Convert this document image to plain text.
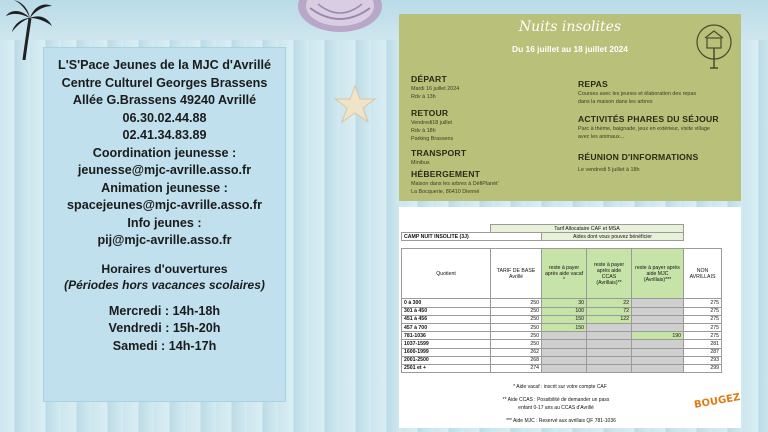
L'S'Pace Jeunes de la MJC d'Avrillé
Centre Culturel Georges Brassens
Allée G.Brassens 49240 Avrillé
06.30.02.44.88
02.41.34.83.89
Coordination jeunesse :
jeunesse@mjc-avrille.asso.fr
Animation jeunesse :
spacejeunes@mjc-avrille.asso.fr
Info jeunes :
pij@mjc-avrille.asso.fr
Horaires d'ouvertures
(Périodes hors vacances scolaires)
Mercredi : 14h-18h
Vendredi : 15h-20h
Samedi : 14h-17h
Nuits insolites
Du 16 juillet au 18 juillet 2024
DÉPART
Mardi 16 juillet 2024
Rdv à 13h
RETOUR
Vendredi18 juillet
Rdv à 18h
Parking Brassens
TRANSPORT
Minibus
HÉBERGEMENT
Maison dans les arbres à DéfiPlanèt'
La Bocquerie, 86410 Dienné
REPAS
Courses avec les jeunes et élaboration des repas
dans la maison dans les arbres
ACTIVITÉS PHARES DU SÉJOUR
Parc à thème, baignade, jeux en extérieur, visite village
avec les animaux...
RÉUNION D'INFORMATIONS
Le vendredi 5 juillet à 18h
	Tarif Allocataire CAF et MSA				
CAMP NUIT INSOLITE (3J)		Aides dont vous pouvez bénéficier			

Quotient	TARIF DE BASE Avrillé	reste à payer après aide vacaf *	reste à payer après aide CCAS (Avrillais)**	reste à payer après aide MJC (Avrillais)***	NON AVRILLAIS
0 à 300	250	30	22		275
301 à 450	250	100	72		275
451 à 456	250	150	122		275
457 à 700	250	150			275
781-1036	250			190	275
1037-1599	250				281
1600-1999	262				287
2001-2500	268				293
2501 et +	274				299
* Aide vacaf : inscrit sur votre compte CAF
** Aide CCAS : Possibilité de demander un pass
enfant 0-17 ans au CCAS d'Avrillé
*** Aide MJC : Reservé aux avrillais QF 781-1036
BOUGEZ
